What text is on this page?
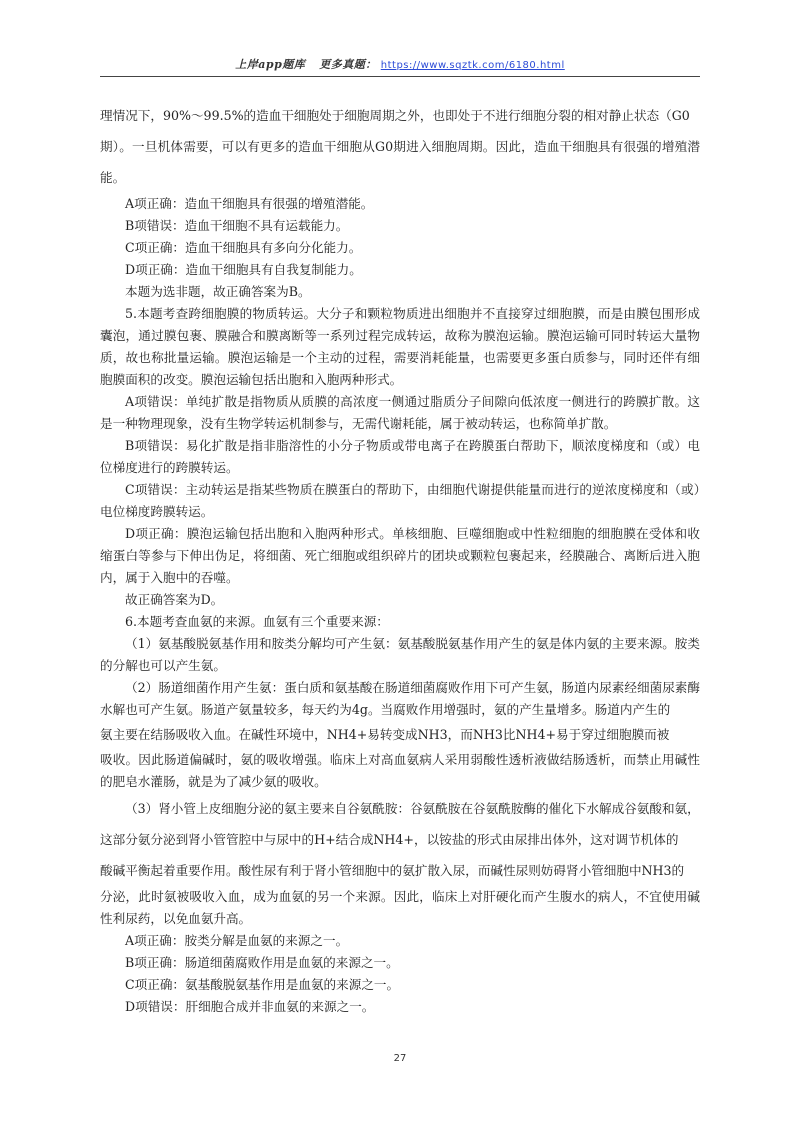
上岸app题库 更多真题： https://www.sqztk.com/6180.html

理情况下，90%～99.5%的造血干细胞处于细胞周期之外，也即处于不进行细胞分裂的相对静止状态（G0

期）。一旦机体需要，可以有更多的造血干细胞从G0期进入细胞周期。因此，造血干细胞具有很强的增殖潜能。

A项正确：造血干细胞具有很强的增殖潜能。

B项错误：造血干细胞不具有运载能力。

C项正确：造血干细胞具有多向分化能力。

D项正确：造血干细胞具有自我复制能力。

本题为选非题，故正确答案为B。

5.本题考查跨细胞膜的物质转运。大分子和颗粒物质进出细胞并不直接穿过细胞膜，而是由膜包围形成囊泡，通过膜包裹、膜融合和膜离断等一系列过程完成转运，故称为膜泡运输。膜泡运输可同时转运大量物质，故也称批量运输。膜泡运输是一个主动的过程，需要消耗能量，也需要更多蛋白质参与，同时还伴有细胞膜面积的改变。膜泡运输包括出胞和入胞两种形式。

A项错误：单纯扩散是指物质从质膜的高浓度一侧通过脂质分子间隙向低浓度一侧进行的跨膜扩散。这是一种物理现象，没有生物学转运机制参与，无需代谢耗能，属于被动转运，也称简单扩散。

B项错误：易化扩散是指非脂溶性的小分子物质或带电离子在跨膜蛋白帮助下，顺浓度梯度和（或）电位梯度进行的跨膜转运。

C项错误：主动转运是指某些物质在膜蛋白的帮助下，由细胞代谢提供能量而进行的逆浓度梯度和（或）电位梯度跨膜转运。

D项正确：膜泡运输包括出胞和入胞两种形式。单核细胞、巨噬细胞或中性粒细胞的细胞膜在受体和收缩蛋白等参与下伸出伪足，将细菌、死亡细胞或组织碎片的团块或颗粒包裹起来，经膜融合、离断后进入胞内，属于入胞中的吞噬。

故正确答案为D。

6.本题考查血氨的来源。血氨有三个重要来源：

（1）氨基酸脱氨基作用和胺类分解均可产生氨：氨基酸脱氨基作用产生的氨是体内氨的主要来源。胺类的分解也可以产生氨。

（2）肠道细菌作用产生氨：蛋白质和氨基酸在肠道细菌腐败作用下可产生氨，肠道内尿素经细菌尿素酶水解也可产生氨。肠道产氨量较多，每天约为4g。当腐败作用增强时，氨的产生量增多。肠道内产生的

氨主要在结肠吸收入血。在碱性环境中，NH4+易转变成NH3，而NH3比NH4+易于穿过细胞膜而被

吸收。因此肠道偏碱时，氨的吸收增强。临床上对高血氨病人采用弱酸性透析液做结肠透析，而禁止用碱性的肥皂水灌肠，就是为了减少氨的吸收。

（3）肾小管上皮细胞分泌的氨主要来自谷氨酰胺：谷氨酰胺在谷氨酰胺酶的催化下水解成谷氨酸和氨，

这部分氨分泌到肾小管管腔中与尿中的H+结合成NH4+，以铵盐的形式由尿排出体外，这对调节机体的

酸碱平衡起着重要作用。酸性尿有利于肾小管细胞中的氨扩散入尿，而碱性尿则妨碍肾小管细胞中NH3的

分泌，此时氨被吸收入血，成为血氨的另一个来源。因此，临床上对肝硬化而产生腹水的病人，不宜使用碱性利尿药，以免血氨升高。

A项正确：胺类分解是血氨的来源之一。

B项正确：肠道细菌腐败作用是血氨的来源之一。

C项正确：氨基酸脱氨基作用是血氨的来源之一。

D项错误：肝细胞合成并非血氨的来源之一。

27
